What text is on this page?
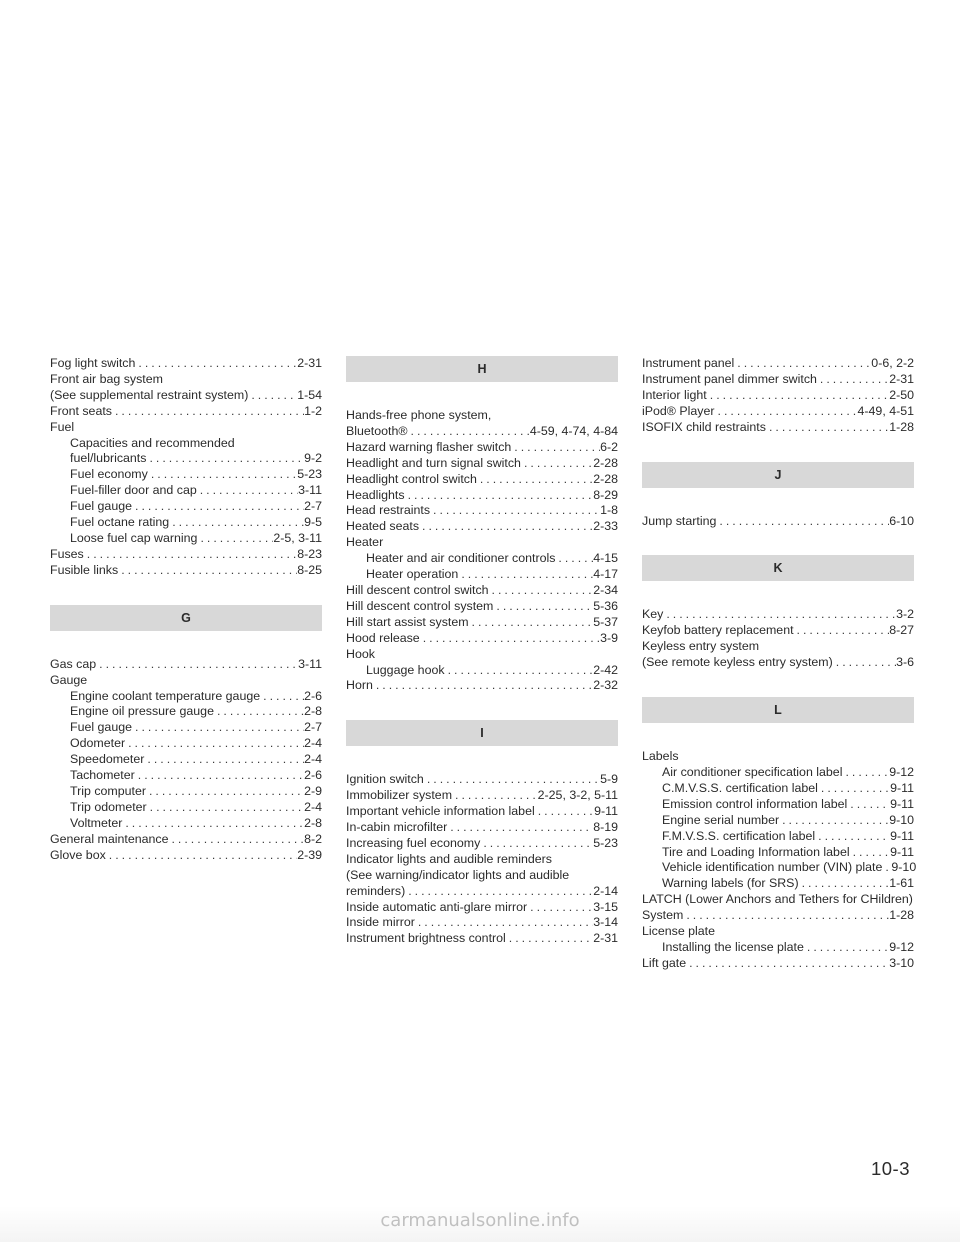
Fog light switch .....	2-31
Front air bag system
(See supplemental restraint system) .....	1-54
Front seats .....	1-2
Fuel
Capacities and recommended
fuel/lubricants .....	9-2
Fuel economy .....	5-23
Fuel-filler door and cap .....	3-11
Fuel gauge .....	2-7
Fuel octane rating .....	9-5
Loose fuel cap warning .....	2-5, 3-11
Fuses .....	8-23
Fusible links .....	8-25
G
Gas cap .....	3-11
Gauge
Engine coolant temperature gauge .....	2-6
Engine oil pressure gauge .....	2-8
Fuel gauge .....	2-7
Odometer .....	2-4
Speedometer .....	2-4
Tachometer .....	2-6
Trip computer .....	2-9
Trip odometer .....	2-4
Voltmeter .....	2-8
General maintenance .....	8-2
Glove box .....	2-39
H
Hands-free phone system,
Bluetooth® .....	4-59, 4-74, 4-84
Hazard warning flasher switch .....	6-2
Headlight and turn signal switch .....	2-28
Headlight control switch .....	2-28
Headlights .....	8-29
Head restraints .....	1-8
Heated seats .....	2-33
Heater
Heater and air conditioner controls .....	4-15
Heater operation .....	4-17
Hill descent control switch .....	2-34
Hill descent control system .....	5-36
Hill start assist system .....	5-37
Hood release .....	3-9
Hook
Luggage hook .....	2-42
Horn .....	2-32
I
Ignition switch .....	5-9
Immobilizer system .....	2-25, 3-2, 5-11
Important vehicle information label .....	9-11
In-cabin microfilter .....	8-19
Increasing fuel economy .....	5-23
Indicator lights and audible reminders
(See warning/indicator lights and audible
reminders) .....	2-14
Inside automatic anti-glare mirror .....	3-15
Inside mirror .....	3-14
Instrument brightness control .....	2-31
Instrument panel .....	0-6, 2-2
Instrument panel dimmer switch .....	2-31
Interior light .....	2-50
iPod® Player .....	4-49, 4-51
ISOFIX child restraints .....	1-28
J
Jump starting .....	6-10
K
Key .....	3-2
Keyfob battery replacement .....	8-27
Keyless entry system
(See remote keyless entry system) .....	3-6
L
Labels
Air conditioner specification label .....	9-12
C.M.V.S.S. certification label .....	9-11
Emission control information label .....	9-11
Engine serial number .....	9-10
F.M.V.S.S. certification label .....	9-11
Tire and Loading Information label .....	9-11
Vehicle identification number (VIN) plate ..... 9-10
Warning labels (for SRS) .....	1-61
LATCH (Lower Anchors and Tethers for CHildren)
System .....	1-28
License plate
Installing the license plate .....	9-12
Lift gate .....	3-10
10-3
carmanualsonline.info
